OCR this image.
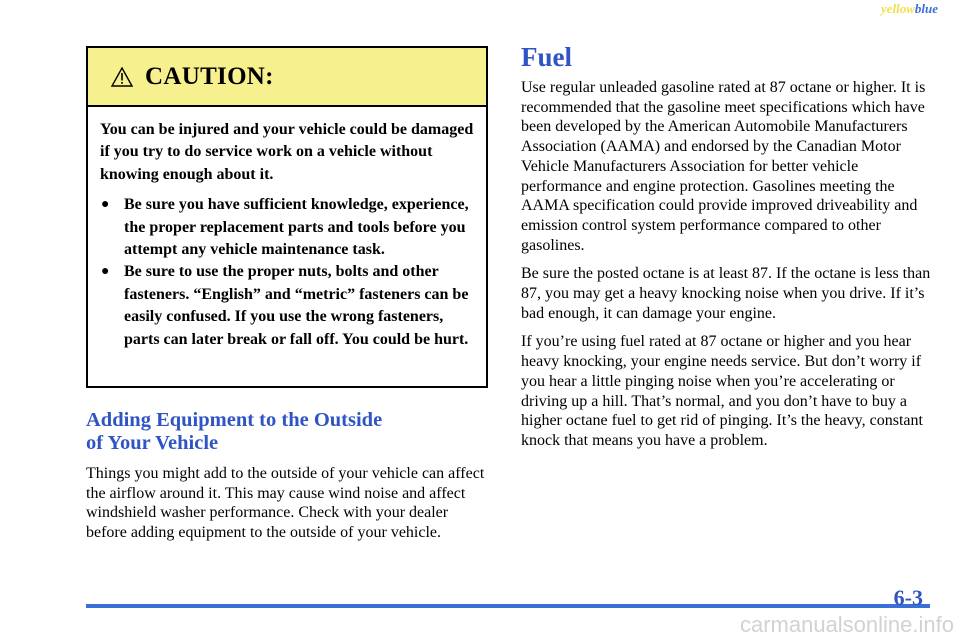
yellowblue
CAUTION:

You can be injured and your vehicle could be damaged if you try to do service work on a vehicle without knowing enough about it.

● Be sure you have sufficient knowledge, experience, the proper replacement parts and tools before you attempt any vehicle maintenance task.
● Be sure to use the proper nuts, bolts and other fasteners. “English” and “metric” fasteners can be easily confused. If you use the wrong fasteners, parts can later break or fall off. You could be hurt.
Adding Equipment to the Outside
of Your Vehicle
Things you might add to the outside of your vehicle can affect the airflow around it. This may cause wind noise and affect windshield washer performance. Check with your dealer before adding equipment to the outside of your vehicle.
Fuel

Use regular unleaded gasoline rated at 87 octane or higher. It is recommended that the gasoline meet specifications which have been developed by the American Automobile Manufacturers Association (AAMA) and endorsed by the Canadian Motor Vehicle Manufacturers Association for better vehicle performance and engine protection. Gasolines meeting the AAMA specification could provide improved driveability and emission control system performance compared to other gasolines.

Be sure the posted octane is at least 87. If the octane is less than 87, you may get a heavy knocking noise when you drive. If it’s bad enough, it can damage your engine.

If you’re using fuel rated at 87 octane or higher and you hear heavy knocking, your engine needs service. But don’t worry if you hear a little pinging noise when you’re accelerating or driving up a hill. That’s normal, and you don’t have to buy a higher octane fuel to get rid of pinging. It’s the heavy, constant knock that means you have a problem.

6-3
carmanualsonline.info
